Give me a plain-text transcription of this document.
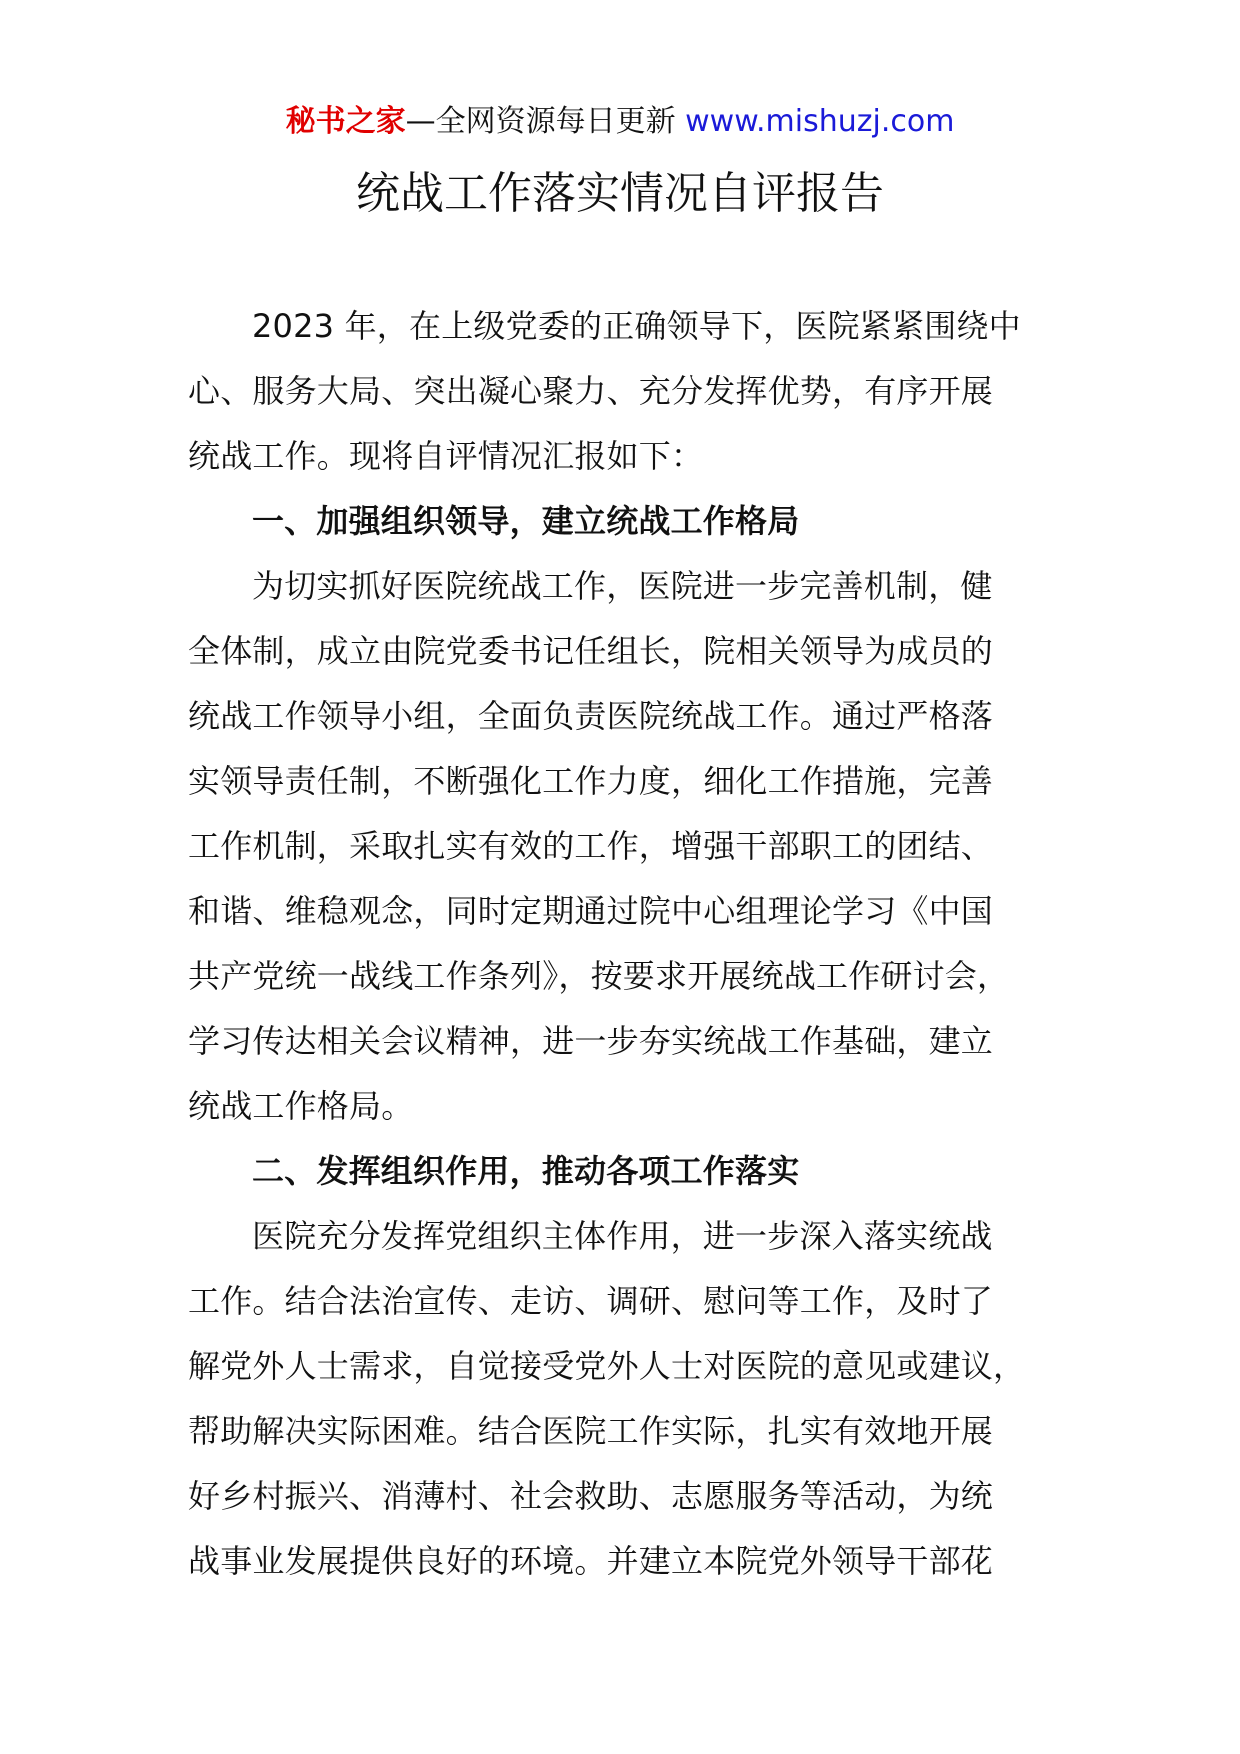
秘书之家—全网资源每日更新 www.mishuzj.com
统战工作落实情况自评报告
2023 年，在上级党委的正确领导下，医院紧紧围绕中
心、服务大局、突出凝心聚力、充分发挥优势，有序开展
统战工作。现将自评情况汇报如下：
一、加强组织领导，建立统战工作格局
为切实抓好医院统战工作，医院进一步完善机制，健
全体制，成立由院党委书记任组长，院相关领导为成员的
统战工作领导小组，全面负责医院统战工作。通过严格落
实领导责任制，不断强化工作力度，细化工作措施，完善
工作机制，采取扎实有效的工作，增强干部职工的团结、
和谐、维稳观念，同时定期通过院中心组理论学习《中国
共产党统一战线工作条列》，按要求开展统战工作研讨会，
学习传达相关会议精神，进一步夯实统战工作基础，建立
统战工作格局。
二、发挥组织作用，推动各项工作落实
医院充分发挥党组织主体作用，进一步深入落实统战
工作。结合法治宣传、走访、调研、慰问等工作，及时了
解党外人士需求，自觉接受党外人士对医院的意见或建议，
帮助解决实际困难。结合医院工作实际，扎实有效地开展
好乡村振兴、消薄村、社会救助、志愿服务等活动，为统
战事业发展提供良好的环境。并建立本院党外领导干部花
